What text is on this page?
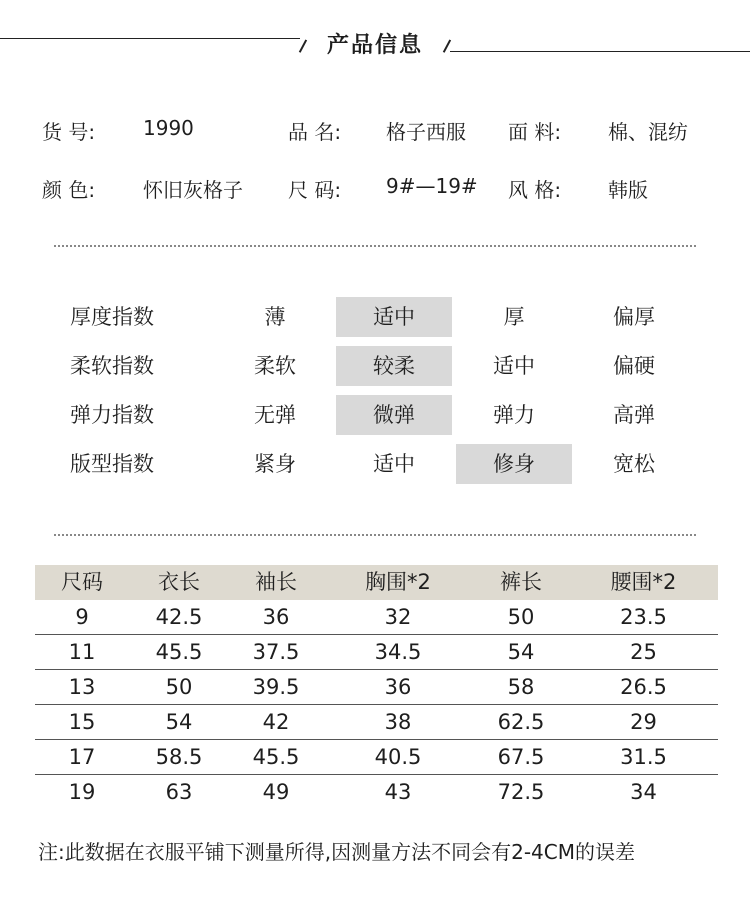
产品信息
货 号: 1990	品 名: 格子西服 面 料: 棉、混纺
颜 色: 怀旧灰格子 尺 码: 9#—19# 风 格: 韩版
厚度指数	薄	适中	厚	偏厚
柔软指数	柔软	较柔	适中	偏硬
弹力指数	无弹	微弹	弹力	高弹
版型指数	紧身	适中	修身	宽松
尺码	衣长	袖长	胸围*2	裤长	腰围*2
9	42.5	36	32	50	23.5
11	45.5	37.5	34.5	54	25
13	50	39.5	36	58	26.5
15	54	42	38	62.5	29
17	58.5	45.5	40.5	67.5	31.5
19	63	49	43	72.5	34
注:此数据在衣服平铺下测量所得,因测量方法不同会有2-4CM的误差
